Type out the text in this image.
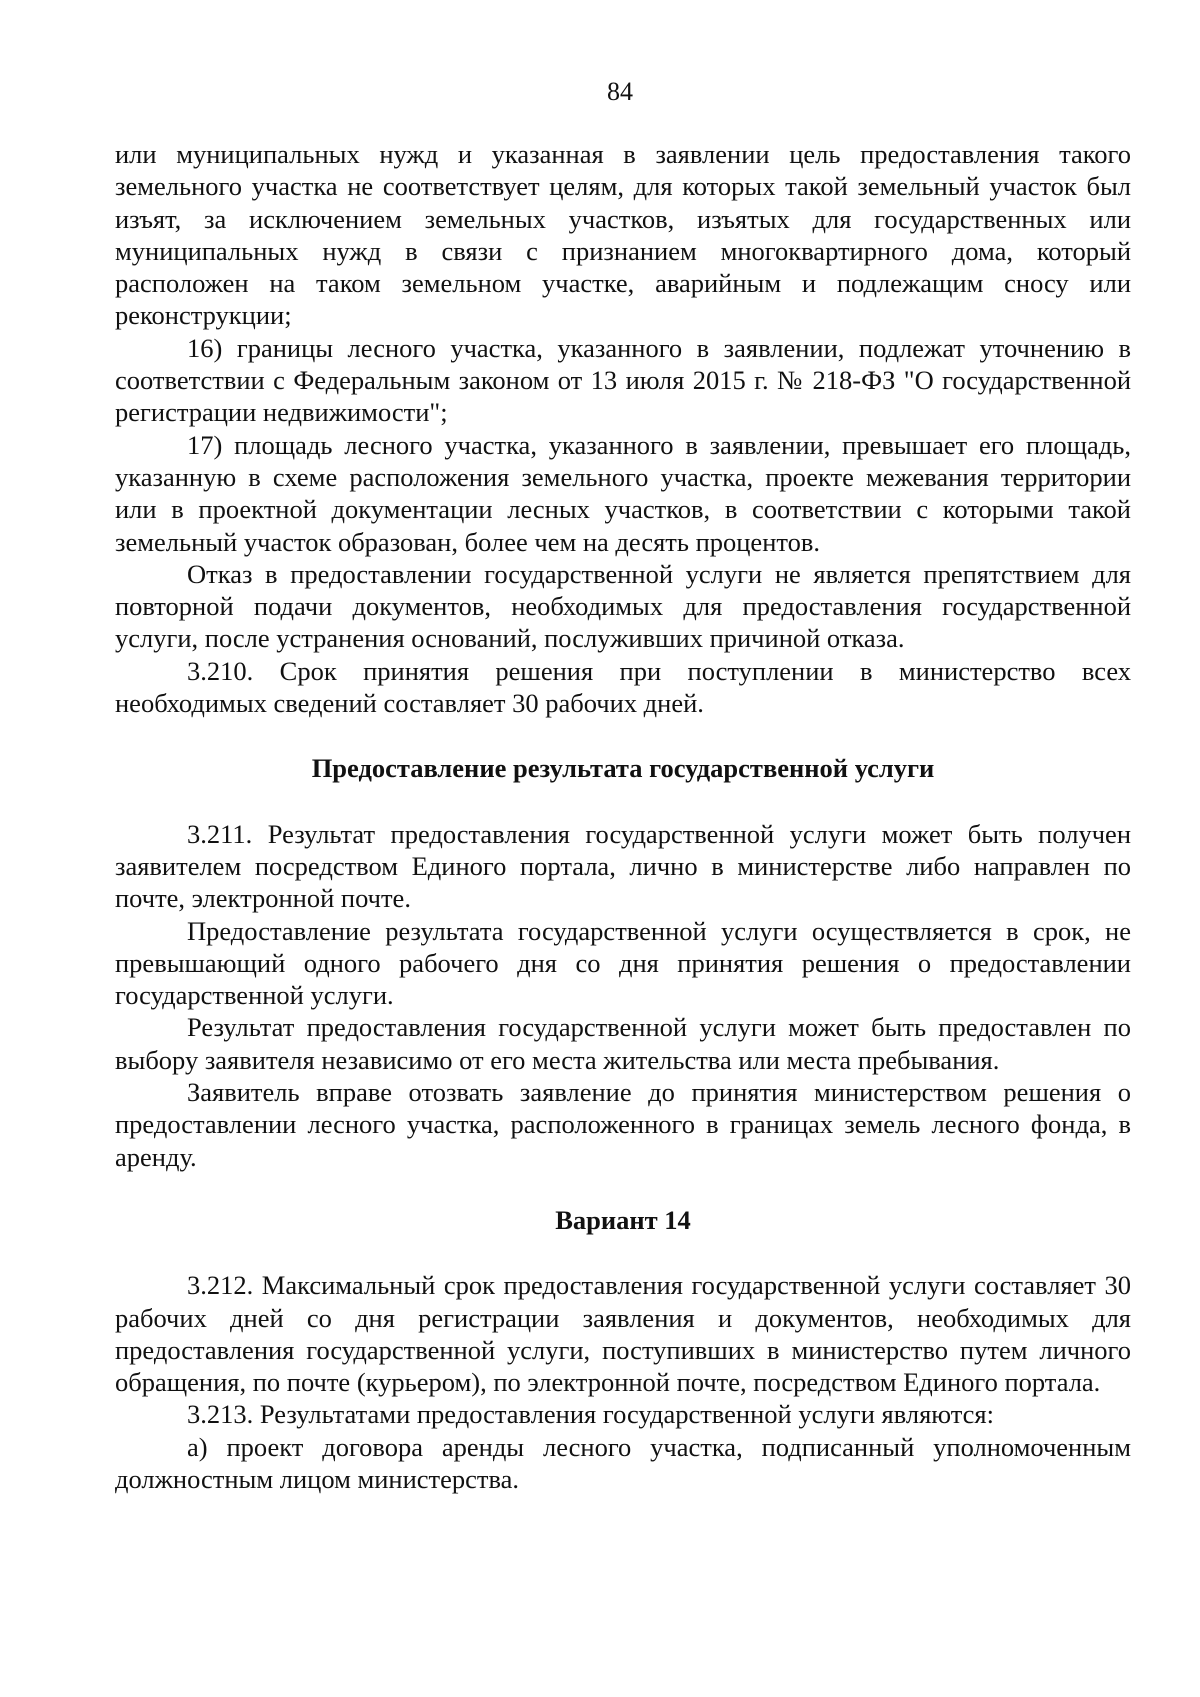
84

или муниципальных нужд и указанная в заявлении цель предоставления такого земельного участка не соответствует целям, для которых такой земельный участок был изъят, за исключением земельных участков, изъятых для государственных или муниципальных нужд в связи с признанием многоквартирного дома, который расположен на таком земельном участке, аварийным и подлежащим сносу или реконструкции;

16) границы лесного участка, указанного в заявлении, подлежат уточнению в соответствии с Федеральным законом от 13 июля 2015 г. № 218-ФЗ "О государственной регистрации недвижимости";

17) площадь лесного участка, указанного в заявлении, превышает его площадь, указанную в схеме расположения земельного участка, проекте межевания территории или в проектной документации лесных участков, в соответствии с которыми такой земельный участок образован, более чем на десять процентов.

Отказ в предоставлении государственной услуги не является препятствием для повторной подачи документов, необходимых для предоставления государственной услуги, после устранения оснований, послуживших причиной отказа.

3.210. Срок принятия решения при поступлении в министерство всех необходимых сведений составляет 30 рабочих дней.

Предоставление результата государственной услуги

3.211. Результат предоставления государственной услуги может быть получен заявителем посредством Единого портала, лично в министерстве либо направлен по почте, электронной почте.

Предоставление результата государственной услуги осуществляется в срок, не превышающий одного рабочего дня со дня принятия решения о предоставлении государственной услуги.

Результат предоставления государственной услуги может быть предоставлен по выбору заявителя независимо от его места жительства или места пребывания.

Заявитель вправе отозвать заявление до принятия министерством решения о предоставлении лесного участка, расположенного в границах земель лесного фонда, в аренду.

Вариант 14

3.212. Максимальный срок предоставления государственной услуги составляет 30 рабочих дней со дня регистрации заявления и документов, необходимых для предоставления государственной услуги, поступивших в министерство путем личного обращения, по почте (курьером), по электронной почте, посредством Единого портала.

3.213. Результатами предоставления государственной услуги являются:

а) проект договора аренды лесного участка, подписанный уполномоченным должностным лицом министерства.
